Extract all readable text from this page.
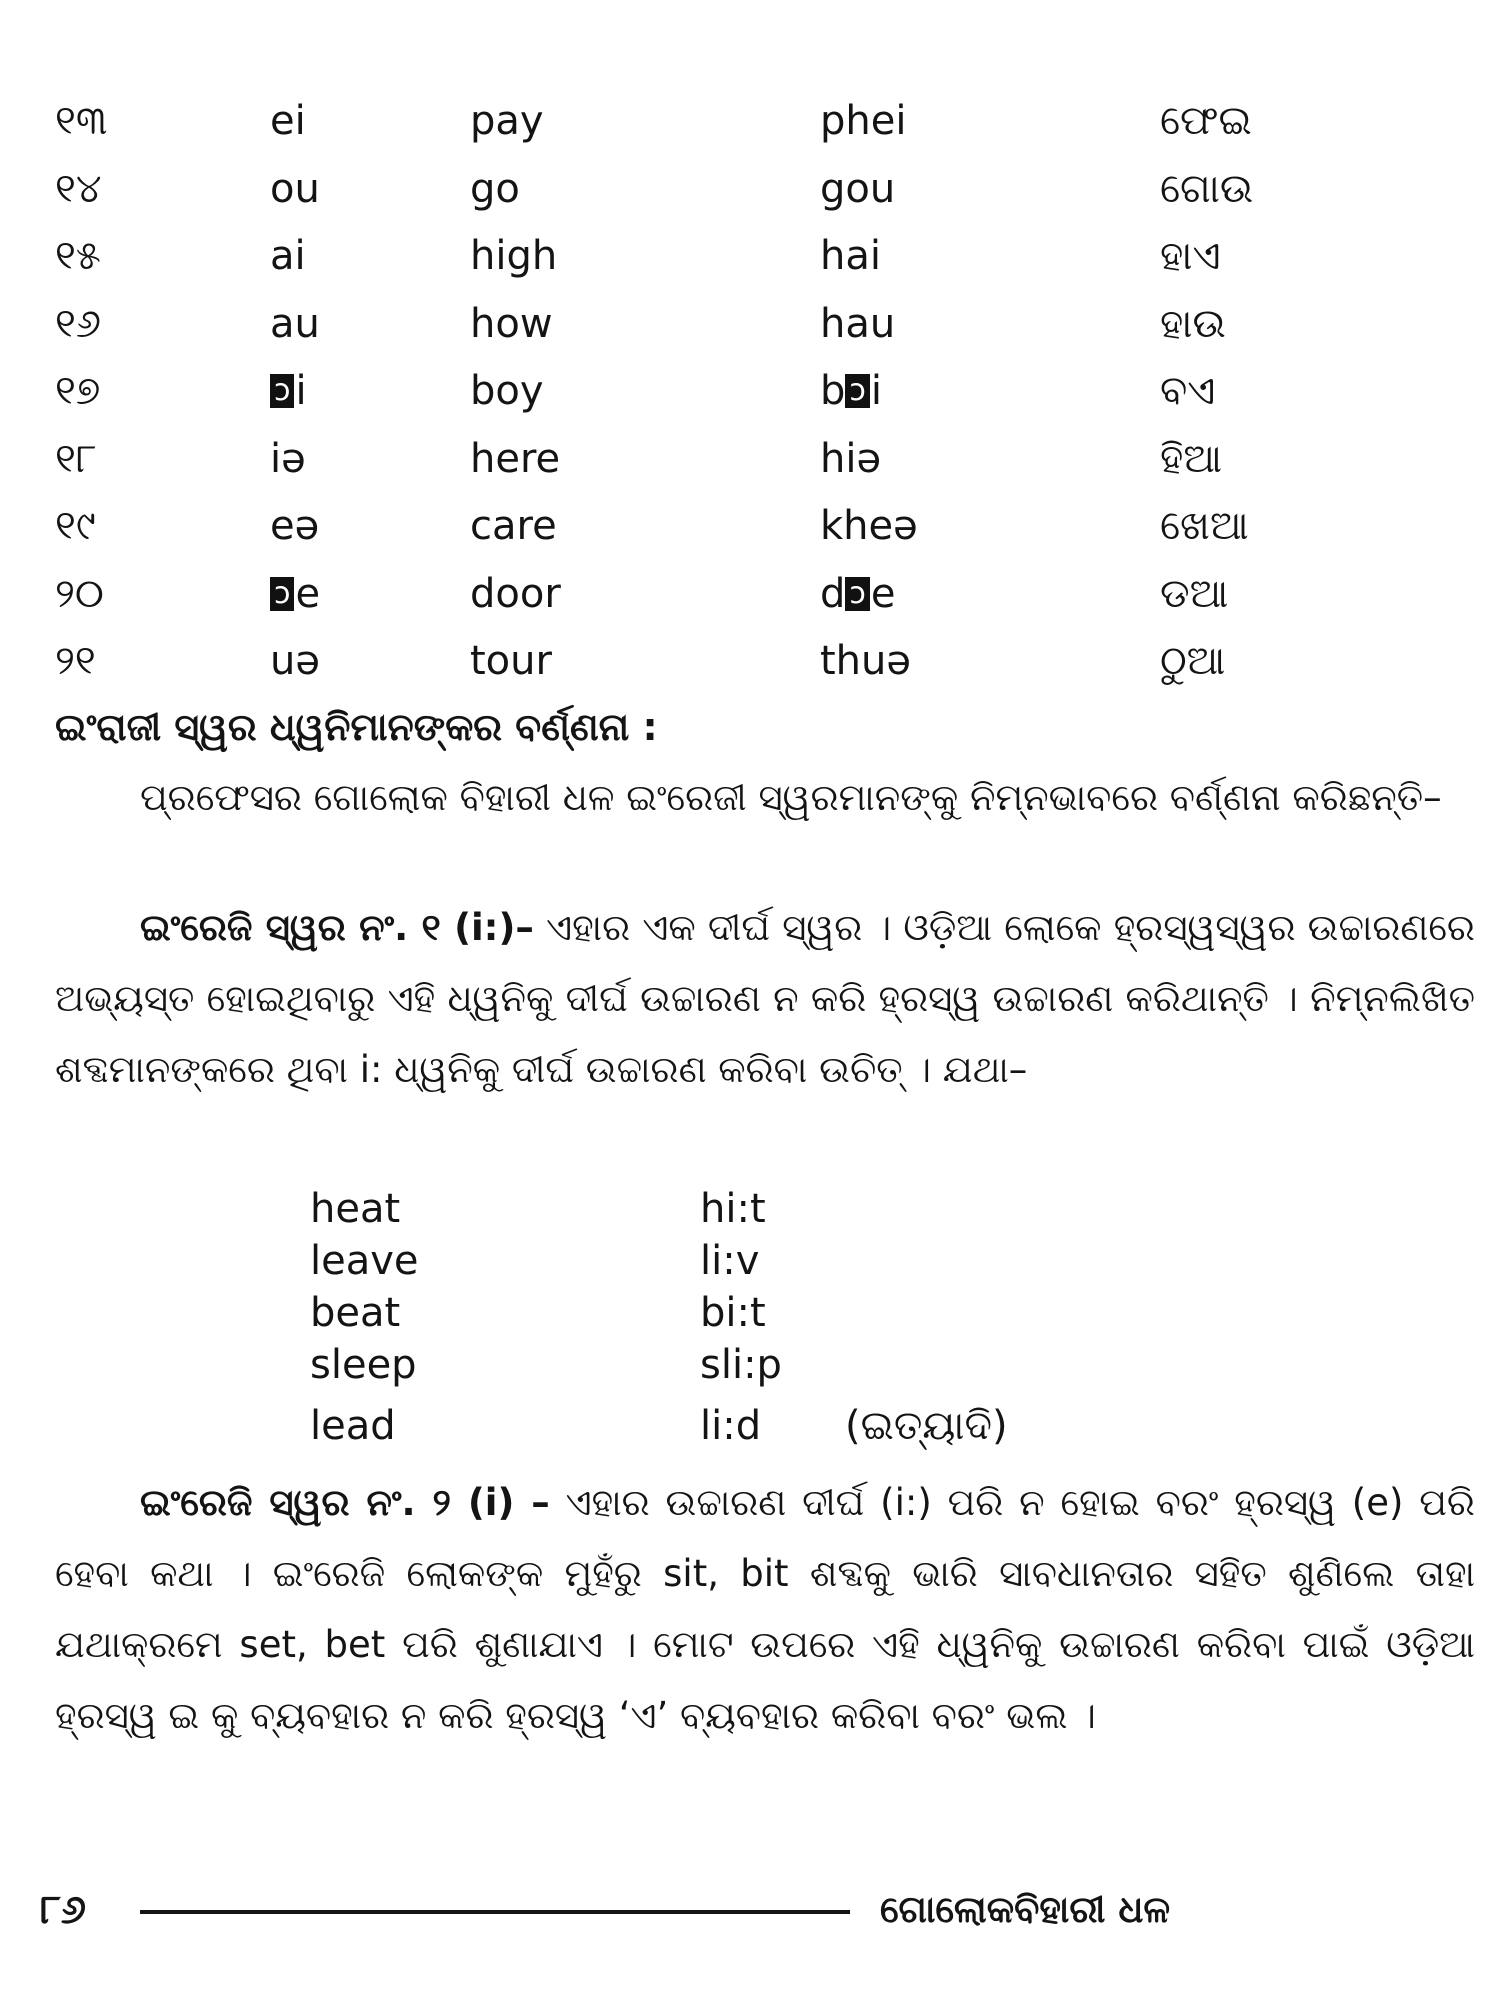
୧୩	ei	pay	phei	ଫେଇ
୧୪	ou	go	gou	ଗୋଉ
୧୫	ai	high	hai	ହାଏ
୧୬	au	how	hau	ହାଉ
୧୭	ɔ i	boy	b ɔ i	ବଏ
୧୮	iə	here	hiə	ହିଆ
୧୯	eə	care	kheə	ଖେଆ
୨୦	ɔ e	door	d ɔ e	ଡଆ
୨୧	uə	tour	thuə	ଠୁଆ
ଇଂରାଜୀ ସ୍ୱର ଧ୍ୱନିମାନଙ୍କର ବର୍ଣ୍ଣନା :

ପ୍ରଫେସର ଗୋଲୋକ ବିହାରୀ ଧଳ ଇଂରେଜୀ ସ୍ୱରମାନଙ୍କୁ ନିମ୍ନଭାବରେ ବର୍ଣ୍ଣନା କରିଛନ୍ତି–

ଇଂରେଜି ସ୍ୱର ନଂ. ୧ (i:)– ଏହାର ଏକ ଦୀର୍ଘ ସ୍ୱର । ଓଡ଼ିଆ ଲୋକେ ହ୍ରସ୍ୱସ୍ୱର ଉଚ୍ଚାରଣରେ ଅଭ୍ୟସ୍ତ ହୋଇଥିବାରୁ ଏହି ଧ୍ୱନିକୁ ଦୀର୍ଘ ଉଚ୍ଚାରଣ ନ କରି ହ୍ରସ୍ୱ ଉଚ୍ଚାରଣ କରିଥାନ୍ତି । ନିମ୍ନଲିଖିତ ଶବ୍ଦମାନଙ୍କରେ ଥିବା i: ଧ୍ୱନିକୁ ଦୀର୍ଘ ଉଚ୍ଚାରଣ କରିବା ଉଚିତ୍ । ଯଥା–

heat	hi:t
leave	li:v
beat	bi:t
sleep	sli:p
lead	li:d (ଇତ୍ୟାଦି)

ଇଂରେଜି ସ୍ୱର ନଂ. ୨ (i) – ଏହାର ଉଚ୍ଚାରଣ ଦୀର୍ଘ (i:) ପରି ନ ହୋଇ ବରଂ ହ୍ରସ୍ୱ (e) ପରି ହେବା କଥା । ଇଂରେଜି ଲୋକଙ୍କ ମୁହଁରୁ sit, bit ଶବ୍ଦକୁ ଭାରି ସାବଧାନତାର ସହିତ ଶୁଣିଲେ ତାହା ଯଥାକ୍ରମେ set, bet ପରି ଶୁଣାଯାଏ । ମୋଟ ଉପରେ ଏହି ଧ୍ୱନିକୁ ଉଚ୍ଚାରଣ କରିବା ପାଇଁ ଓଡ଼ିଆ ହ୍ରସ୍ୱ ଇ କୁ ବ୍ୟବହାର ନ କରି ହ୍ରସ୍ୱ ‘ଏ’ ବ୍ୟବହାର କରିବା ବରଂ ଭଲ ।

୮୬	ଗୋଲୋକବିହାରୀ ଧଳ
